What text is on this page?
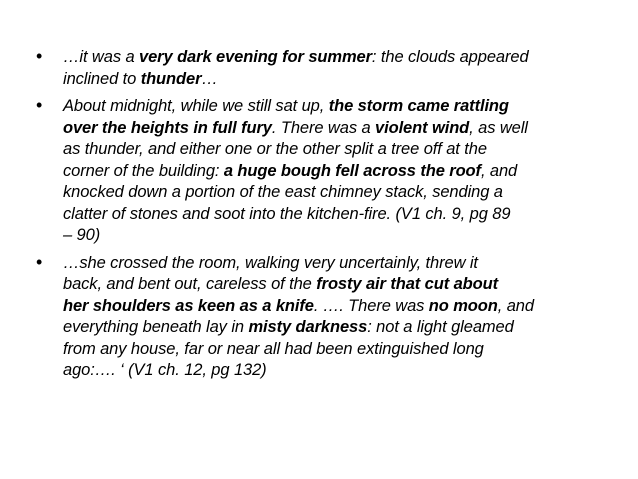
• …it was a very dark evening for summer: the clouds appeared
inclined to thunder…
• About midnight, while we still sat up, the storm came rattling
over the heights in full fury. There was a violent wind, as well
as thunder, and either one or the other split a tree off at the
corner of the building: a huge bough fell across the roof, and
knocked down a portion of the east chimney stack, sending a
clatter of stones and soot into the kitchen-fire. (V1 ch. 9, pg 89
– 90)
• …she crossed the room, walking very uncertainly, threw it
back, and bent out, careless of the frosty air that cut about
her shoulders as keen as a knife. …. There was no moon, and
everything beneath lay in misty darkness: not a light gleamed
from any house, far or near all had been extinguished long
ago:…. ‘ (V1 ch. 12, pg 132)
